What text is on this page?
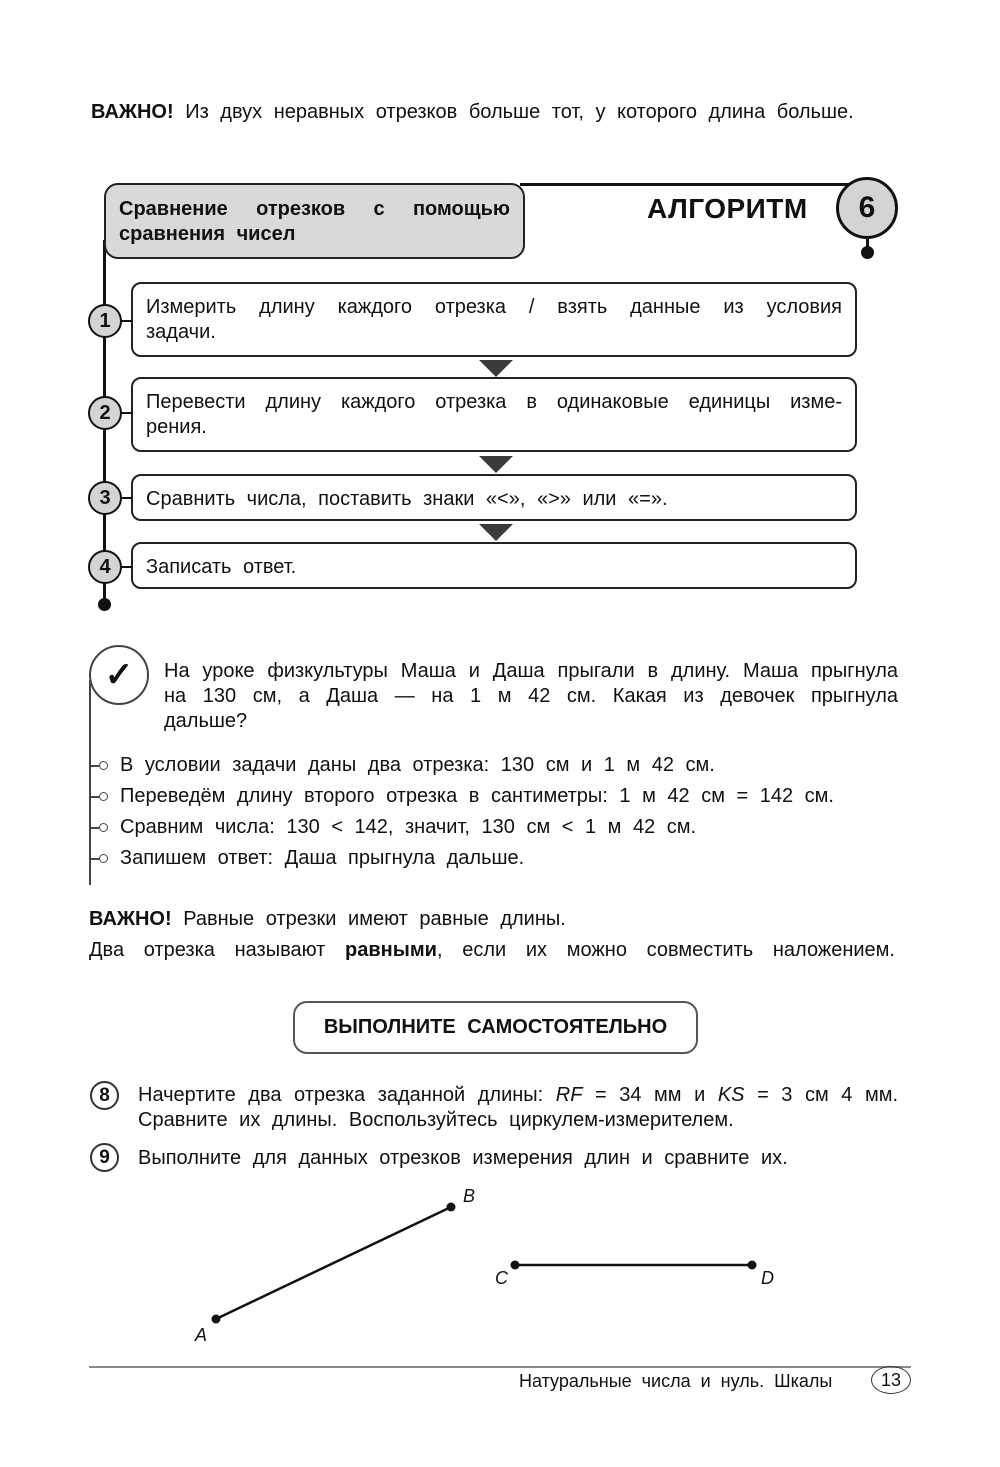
ВАЖНО! Из двух неравных отрезков больше тот, у которого длина больше.
Сравнение отрезков с помощью
сравнения чисел
АЛГОРИТМ	6
Измерить длину каждого отрезка / взять данные из условия
задачи.
1
Перевести длину каждого отрезка в одинаковые единицы изме-
рения.
2
Сравнить числа, поставить знаки «<», «>» или «=».
3
Записать ответ.
4
✓	На уроке физкультуры Маша и Даша прыгали в длину. Маша прыгнула на 130 см, а Даша — на 1 м 42 см. Какая из девочек прыгнула дальше?
В условии задачи даны два отрезка: 130 см и 1 м 42 см.
Переведём длину второго отрезка в сантиметры: 1 м 42 см = 142 см.
Сравним числа: 130 < 142, значит, 130 см < 1 м 42 см.
Запишем ответ: Даша прыгнула дальше.
ВАЖНО! Равные отрезки имеют равные длины.
Два отрезка называют равными, если их можно совместить наложением.
ВЫПОЛНИТЕ САМОСТОЯТЕЛЬНО
8	Начертите два отрезка заданной длины: RF = 34 мм и KS = 3 см 4 мм. Сравните их длины. Воспользуйтесь циркулем-измерителем.
9	Выполните для данных отрезков измерения длин и сравните их.
A
B
C	D
Натуральные числа и нуль. Шкалы	13
